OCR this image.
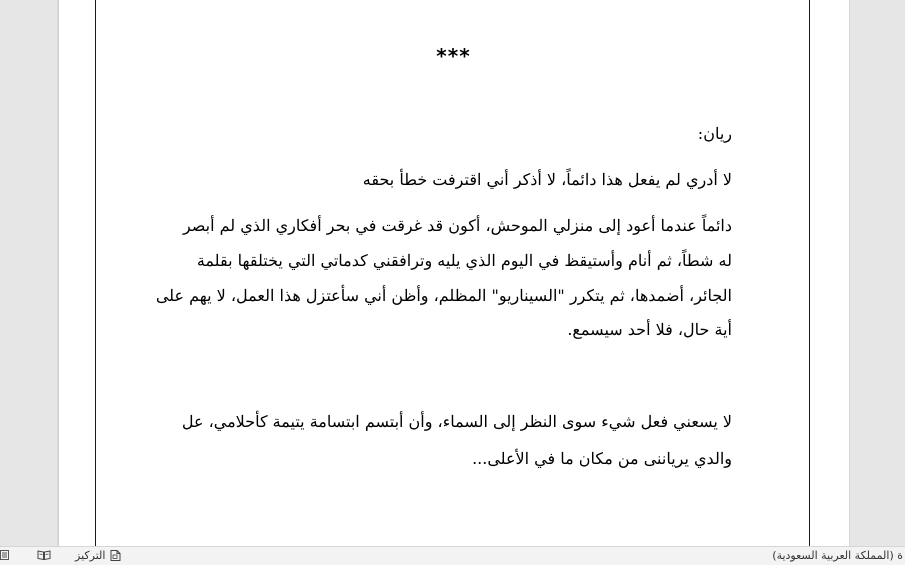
***
ريان:
لا أدري لم يفعل هذا دائماً، لا أذكر أني اقترفت خطأ بحقه
دائماً عندما أعود إلى منزلي الموحش، أكون قد غرقت في بحر أفكاري الذي لم أبصر
له شطاً، ثم أنام وأستيقظ في اليوم الذي يليه وترافقني كدماتي التي يختلقها بقلمة
الجائر، أضمدها، ثم يتكرر "السيناريو" المظلم، وأظن أني سأعتزل هذا العمل، لا يهم على
أية حال، فلا أحد سيسمع.
لا يسعني فعل شيء سوى النظر إلى السماء، وأن أبتسم ابتسامة يتيمة كأحلامي، عل
والدي يرياننى من مكان ما في الأعلى...
التركيز	(المملكة العربية السعودية) ة
